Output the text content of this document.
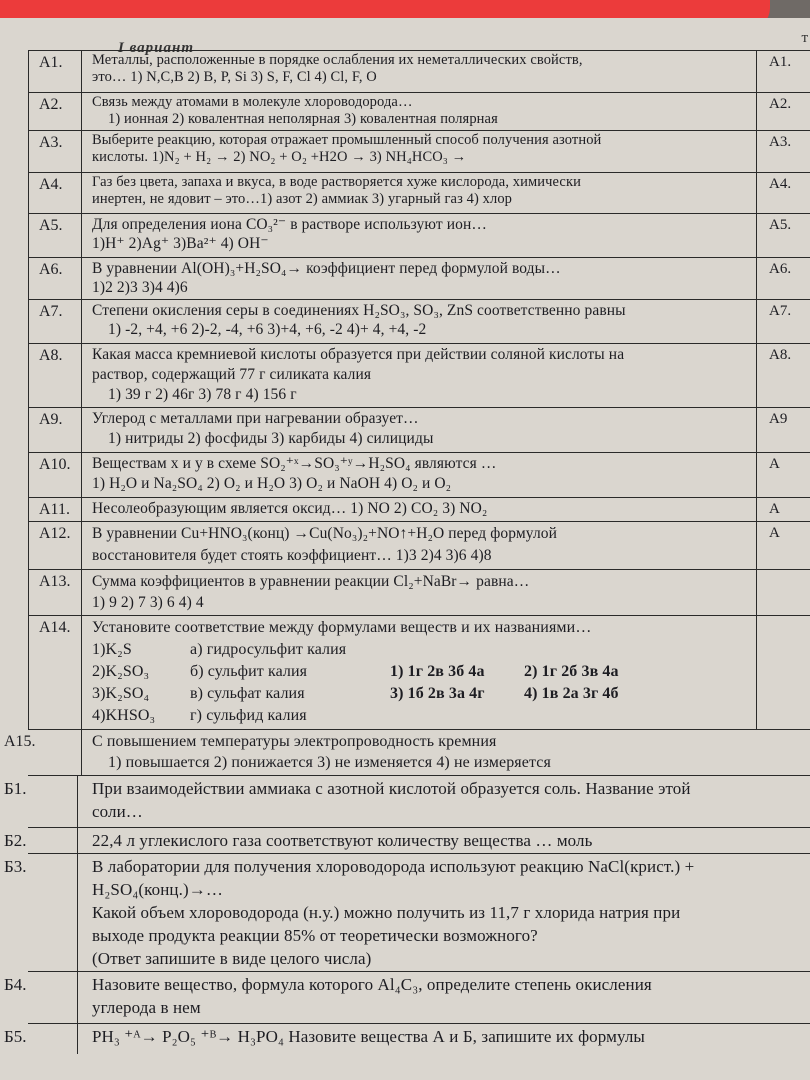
I вариант
т
A1.	Металлы, расположенные в порядке ослабления их неметаллических свойств,
это… 1) N,C,B 2) B, P, Si 3) S, F, Cl 4) Cl, F, O
A1.
A2.	Связь между атомами в молекуле хлороводорода…
1) ионная 2) ковалентная неполярная 3) ковалентная полярная
A2.
A3.	Выберите реакцию, которая отражает промышленный способ получения азотной
кислоты. 1)N₂ + H₂ → 2) NO₂ + O₂ +H2O → 3) NH₄HCO₃ →
A3.
A4.	Газ без цвета, запаха и вкуса, в воде растворяется хуже кислорода, химически
инертен, не ядовит – это…1) азот 2) аммиак 3) угарный газ 4) хлор
A4.
A5.	Для определения иона CO₃²⁻ в растворе используют ион…
1)H⁺ 2)Ag⁺ 3)Ba²⁺ 4) OH⁻
A5.
A6.	В уравнении Al(OH)₃+H₂SO₄→ коэффициент перед формулой воды…
1)2 2)3 3)4 4)6
A6.
A7.	Степени окисления серы в соединениях H₂SO₃, SO₃, ZnS соответственно равны
1) -2, +4, +6 2)-2, -4, +6 3)+4, +6, -2 4)+ 4, +4, -2
A7.
A8.	Какая масса кремниевой кислоты образуется при действии соляной кислоты на
раствор, содержащий 77 г силиката калия
1) 39 г 2) 46г 3) 78 г 4) 156 г
A8.
A9.	Углерод с металлами при нагревании образует…
1) нитриды 2) фосфиды 3) карбиды 4) силициды
A9
A10.	Веществам х и у в схеме SO₂⁺ˣ→SO₃⁺ʸ→H₂SO₄ являются …
1) H₂O и Na₂SO₄ 2) O₂ и H₂O 3) O₂ и NaOH 4) O₂ и O₂
A
A11.	Несолеобразующим является оксид… 1) NO 2) CO₂ 3) NO₂	A
A12.	В уравнении Cu+HNO₃(конц) →Cu(No₃)₂+NO↑+H₂O перед формулой
восстановителя будет стоять коэффициент… 1)3 2)4 3)6 4)8
A
A13.	Сумма коэффициентов в уравнении реакции Cl₂+NaBr→ равна…
1) 9 2) 7 3) 6 4) 4
A14.	Установите соответствие между формулами веществ и их названиями…
1)K₂S	а) гидросульфит калия
2)K₂SO₃	б) сульфит калия	1) 1г 2в 3б 4а	2) 1г 2б 3в 4а
3)K₂SO₄	в) сульфат калия	3) 1б 2в 3а 4г	4) 1в 2а 3г 4б
4)KHSO₃	г) сульфид калия
A15.	С повышением температуры электропроводность кремния
1) повышается 2) понижается 3) не изменяется 4) не измеряется
Б1.	При взаимодействии аммиака с азотной кислотой образуется соль. Название этой
соли…
Б2.	22,4 л углекислого газа соответствуют количеству вещества … моль
Б3.	В лаборатории для получения хлороводорода используют реакцию NaCl(крист.) +
H₂SO₄(конц.)→…
Какой объем хлороводорода (н.у.) можно получить из 11,7 г хлорида натрия при
выходе продукта реакции 85% от теоретически возможного?
(Ответ запишите в виде целого числа)
Б4.	Назовите вещество, формула которого Al₄C₃, определите степень окисления
углерода в нем
Б5.	PH₃ ⁺ᴬ→ P₂O₅ ⁺ᴮ→ H₃PO₄ Назовите вещества А и Б, запишите их формулы
